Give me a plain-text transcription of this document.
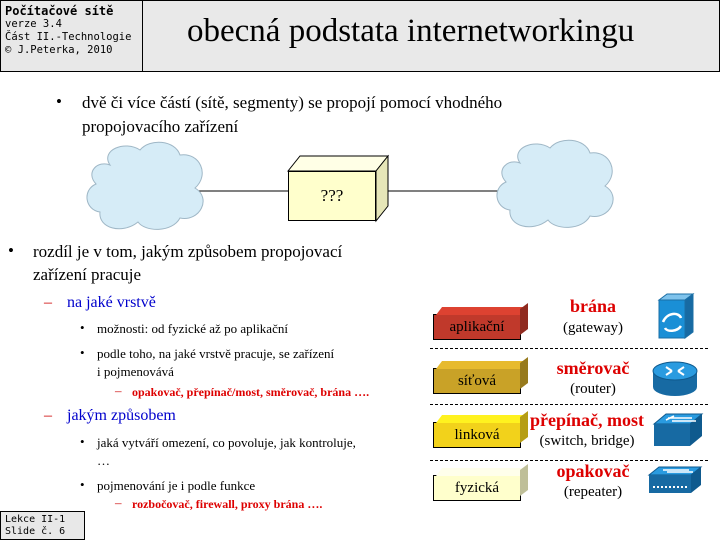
Počítačové sítě
verze 3.4
Část II.-Technologie
© J.Peterka, 2010
obecná podstata internetworkingu
• dvě či více částí (sítě, segmenty) se propojí pomocí vhodného
propojovacího zařízení
???
• rozdíl je v tom, jakým způsobem propojovací
zařízení pracuje
– na jaké vrstvě
• možnosti: od fyzické až po aplikační
• podle toho, na jaké vrstvě pracuje, se zařízení
i pojmenovává
– opakovač, přepínač/most, směrovač, brána ….
– jakým způsobem
• jaká vytváří omezení, co povoluje, jak kontroluje,
…
• pojmenování je i podle funkce
– rozbočovač, firewall, proxy brána ….
aplikační
brána
(gateway)
síťová
směrovač
(router)
linková
přepínač, most
(switch, bridge)
fyzická
opakovač
(repeater)
Lekce II-1
Slide č. 6
